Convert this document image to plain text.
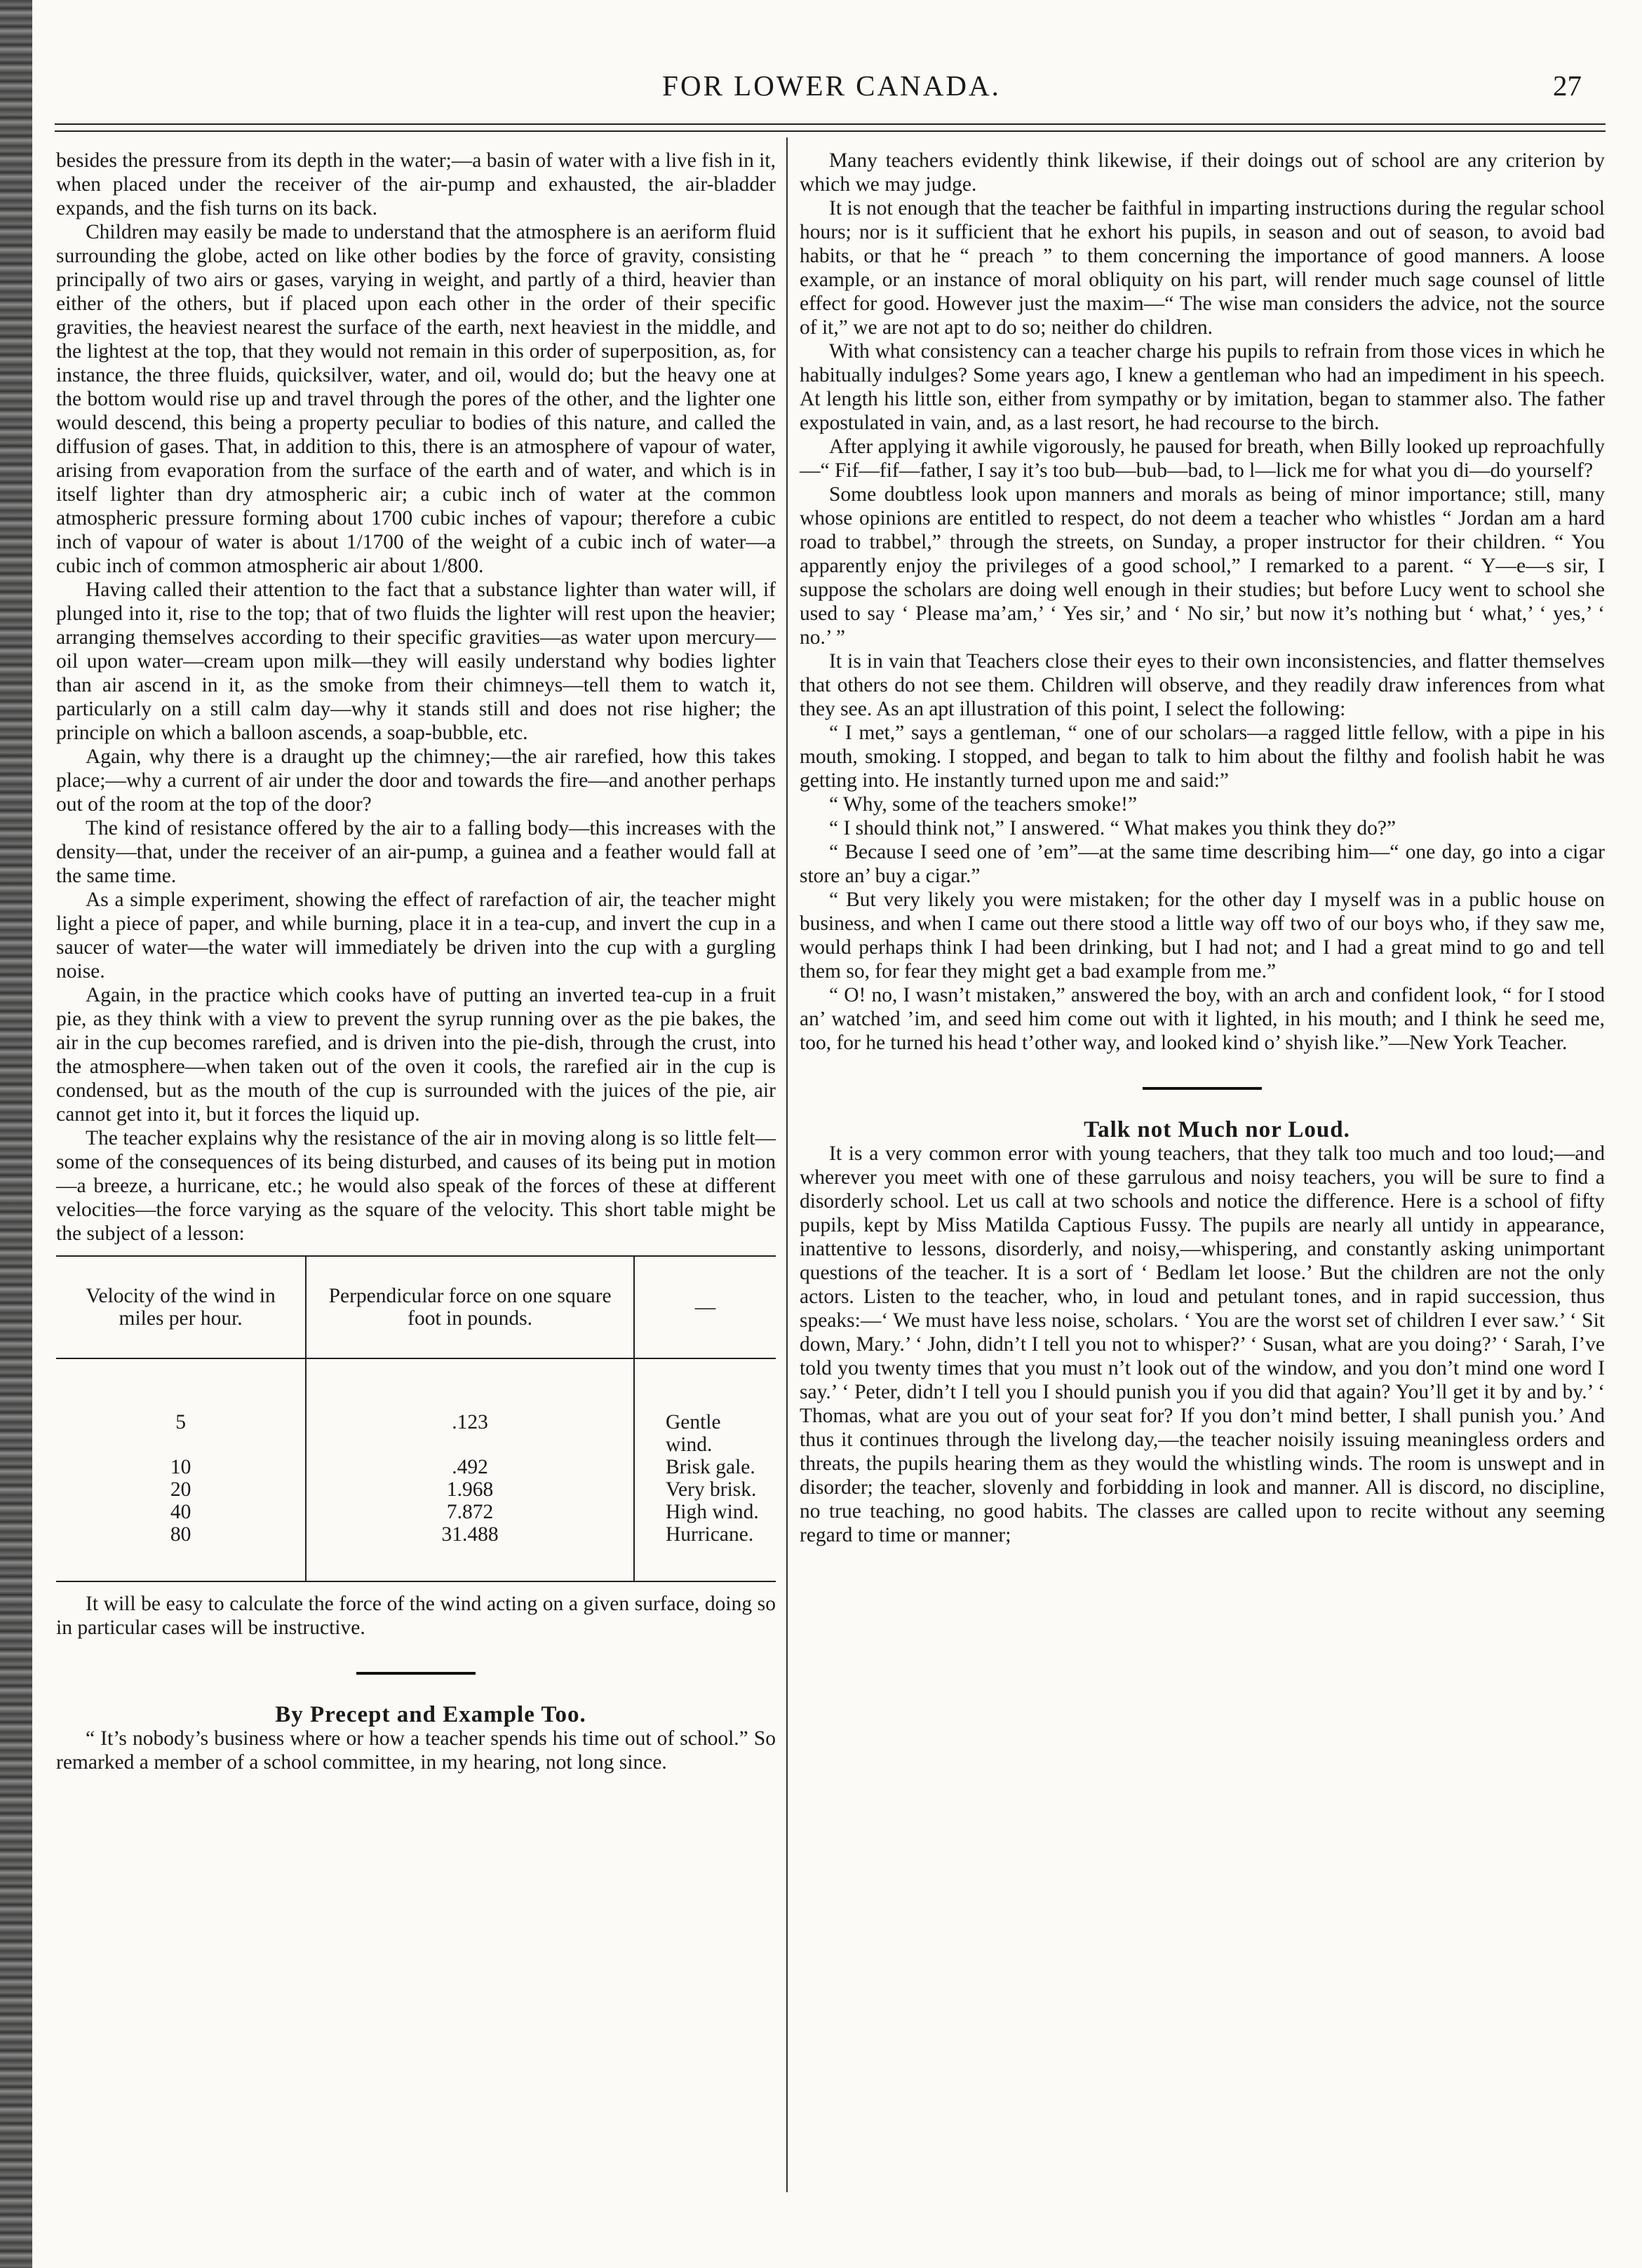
FOR LOWER CANADA.	27

besides the pressure from its depth in the water;—a basin of water with a live fish in it, when placed under the receiver of the air-pump and exhausted, the air-bladder expands, and the fish turns on its back.

Children may easily be made to understand that the atmosphere is an aeriform fluid surrounding the globe, acted on like other bodies by the force of gravity, consisting principally of two airs or gases, varying in weight, and partly of a third, heavier than either of the others, but if placed upon each other in the order of their specific gravities, the heaviest nearest the surface of the earth, next heaviest in the middle, and the lightest at the top, that they would not remain in this order of superposition, as, for instance, the three fluids, quicksilver, water, and oil, would do; but the heavy one at the bottom would rise up and travel through the pores of the other, and the lighter one would descend, this being a property peculiar to bodies of this nature, and called the diffusion of gases. That, in addition to this, there is an atmosphere of vapour of water, arising from evaporation from the surface of the earth and of water, and which is in itself lighter than dry atmospheric air; a cubic inch of water at the common atmospheric pressure forming about 1700 cubic inches of vapour; therefore a cubic inch of vapour of water is about 1/1700 of the weight of a cubic inch of water—a cubic inch of common atmospheric air about 1/800.

Having called their attention to the fact that a substance lighter than water will, if plunged into it, rise to the top; that of two fluids the lighter will rest upon the heavier; arranging themselves according to their specific gravities—as water upon mercury—oil upon water—cream upon milk—they will easily understand why bodies lighter than air ascend in it, as the smoke from their chimneys—tell them to watch it, particularly on a still calm day—why it stands still and does not rise higher; the principle on which a balloon ascends, a soap-bubble, etc.

Again, why there is a draught up the chimney;—the air rarefied, how this takes place;—why a current of air under the door and towards the fire—and another perhaps out of the room at the top of the door?

The kind of resistance offered by the air to a falling body—this increases with the density—that, under the receiver of an air-pump, a guinea and a feather would fall at the same time.

As a simple experiment, showing the effect of rarefaction of air, the teacher might light a piece of paper, and while burning, place it in a tea-cup, and invert the cup in a saucer of water—the water will immediately be driven into the cup with a gurgling noise.

Again, in the practice which cooks have of putting an inverted tea-cup in a fruit pie, as they think with a view to prevent the syrup running over as the pie bakes, the air in the cup becomes rarefied, and is driven into the pie-dish, through the crust, into the atmosphere—when taken out of the oven it cools, the rarefied air in the cup is condensed, but as the mouth of the cup is surrounded with the juices of the pie, air cannot get into it, but it forces the liquid up.

The teacher explains why the resistance of the air in moving along is so little felt—some of the consequences of its being disturbed, and causes of its being put in motion—a breeze, a hurricane, etc.; he would also speak of the forces of these at different velocities—the force varying as the square of the velocity. This short table might be the subject of a lesson:

Velocity of the wind in miles per hour.	Perpendicular force on one square foot in pounds.	—
5	.123	Gentle wind.
10	.492	Brisk gale.
20	1.968	Very brisk.
40	7.872	High wind.
80	31.488	Hurricane.

It will be easy to calculate the force of the wind acting on a given surface, doing so in particular cases will be instructive.

By Precept and Example Too.

“ It’s nobody’s business where or how a teacher spends his time out of school.” So remarked a member of a school committee, in my hearing, not long since.

Many teachers evidently think likewise, if their doings out of school are any criterion by which we may judge.

It is not enough that the teacher be faithful in imparting instructions during the regular school hours; nor is it sufficient that he exhort his pupils, in season and out of season, to avoid bad habits, or that he “ preach ” to them concerning the importance of good manners. A loose example, or an instance of moral obliquity on his part, will render much sage counsel of little effect for good. However just the maxim—“ The wise man considers the advice, not the source of it,” we are not apt to do so; neither do children.

With what consistency can a teacher charge his pupils to refrain from those vices in which he habitually indulges? Some years ago, I knew a gentleman who had an impediment in his speech. At length his little son, either from sympathy or by imitation, began to stammer also. The father expostulated in vain, and, as a last resort, he had recourse to the birch.

After applying it awhile vigorously, he paused for breath, when Billy looked up reproachfully—“ Fif—fif—father, I say it’s too bub—bub—bad, to l—lick me for what you di—do yourself?

Some doubtless look upon manners and morals as being of minor importance; still, many whose opinions are entitled to respect, do not deem a teacher who whistles “ Jordan am a hard road to trabbel,” through the streets, on Sunday, a proper instructor for their children. “ You apparently enjoy the privileges of a good school,” I remarked to a parent. “ Y—e—s sir, I suppose the scholars are doing well enough in their studies; but before Lucy went to school she used to say ‘ Please ma’am,’ ‘ Yes sir,’ and ‘ No sir,’ but now it’s nothing but ‘ what,’ ‘ yes,’ ‘ no.’ ”

It is in vain that Teachers close their eyes to their own inconsistencies, and flatter themselves that others do not see them. Children will observe, and they readily draw inferences from what they see. As an apt illustration of this point, I select the following:

“ I met,” says a gentleman, “ one of our scholars—a ragged little fellow, with a pipe in his mouth, smoking. I stopped, and began to talk to him about the filthy and foolish habit he was getting into. He instantly turned upon me and said:”

“ Why, some of the teachers smoke!”

“ I should think not,” I answered. “ What makes you think they do?”

“ Because I seed one of ’em”—at the same time describing him—“ one day, go into a cigar store an’ buy a cigar.”

“ But very likely you were mistaken; for the other day I myself was in a public house on business, and when I came out there stood a little way off two of our boys who, if they saw me, would perhaps think I had been drinking, but I had not; and I had a great mind to go and tell them so, for fear they might get a bad example from me.”

“ O! no, I wasn’t mistaken,” answered the boy, with an arch and confident look, “ for I stood an’ watched ’im, and seed him come out with it lighted, in his mouth; and I think he seed me, too, for he turned his head t’other way, and looked kind o’ shyish like.”—New York Teacher.

Talk not Much nor Loud.

It is a very common error with young teachers, that they talk too much and too loud;—and wherever you meet with one of these garrulous and noisy teachers, you will be sure to find a disorderly school. Let us call at two schools and notice the difference. Here is a school of fifty pupils, kept by Miss Matilda Captious Fussy. The pupils are nearly all untidy in appearance, inattentive to lessons, disorderly, and noisy,—whispering, and constantly asking unimportant questions of the teacher. It is a sort of ‘ Bedlam let loose.’ But the children are not the only actors. Listen to the teacher, who, in loud and petulant tones, and in rapid succession, thus speaks:—‘ We must have less noise, scholars. ‘ You are the worst set of children I ever saw.’ ‘ Sit down, Mary.’ ‘ John, didn’t I tell you not to whisper?’ ‘ Susan, what are you doing?’ ‘ Sarah, I’ve told you twenty times that you must n’t look out of the window, and you don’t mind one word I say.’ ‘ Peter, didn’t I tell you I should punish you if you did that again? You’ll get it by and by.’ ‘ Thomas, what are you out of your seat for? If you don’t mind better, I shall punish you.’ And thus it continues through the livelong day,—the teacher noisily issuing meaningless orders and threats, the pupils hearing them as they would the whistling winds. The room is unswept and in disorder; the teacher, slovenly and forbidding in look and manner. All is discord, no discipline, no true teaching, no good habits. The classes are called upon to recite without any seeming regard to time or manner;
